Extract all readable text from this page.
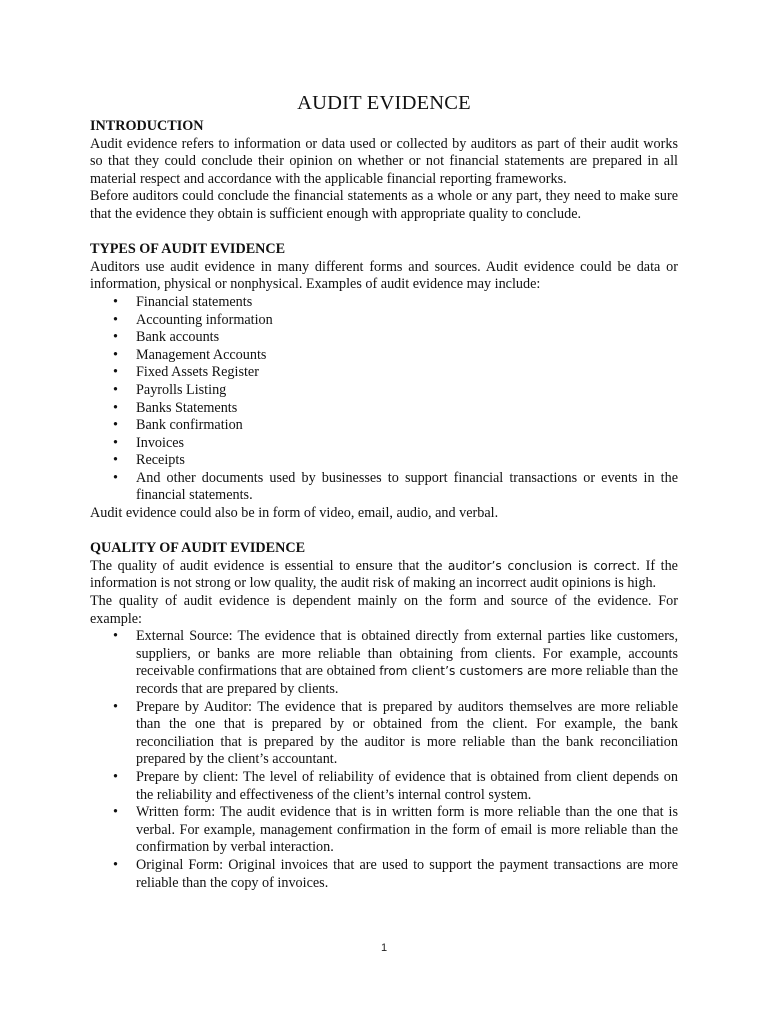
AUDIT EVIDENCE
INTRODUCTION

Audit evidence refers to information or data used or collected by auditors as part of their audit works so that they could conclude their opinion on whether or not financial statements are prepared in all material respect and accordance with the applicable financial reporting frameworks.

Before auditors could conclude the financial statements as a whole or any part, they need to make sure that the evidence they obtain is sufficient enough with appropriate quality to conclude.

TYPES OF AUDIT EVIDENCE

Auditors use audit evidence in many different forms and sources. Audit evidence could be data or information, physical or nonphysical. Examples of audit evidence may include:

• Financial statements
• Accounting information
• Bank accounts
• Management Accounts
• Fixed Assets Register
• Payrolls Listing
• Banks Statements
• Bank confirmation
• Invoices
• Receipts
• And other documents used by businesses to support financial transactions or events in the financial statements.

Audit evidence could also be in form of video, email, audio, and verbal.

QUALITY OF AUDIT EVIDENCE

The quality of audit evidence is essential to ensure that the auditor’s conclusion is correct. If the information is not strong or low quality, the audit risk of making an incorrect audit opinions is high.

The quality of audit evidence is dependent mainly on the form and source of the evidence. For example:

• External Source: The evidence that is obtained directly from external parties like customers, suppliers, or banks are more reliable than obtaining from clients. For example, accounts receivable confirmations that are obtained from client’s customers are more reliable than the records that are prepared by clients.
• Prepare by Auditor: The evidence that is prepared by auditors themselves are more reliable than the one that is prepared by or obtained from the client. For example, the bank reconciliation that is prepared by the auditor is more reliable than the bank reconciliation prepared by the client’s accountant.
• Prepare by client: The level of reliability of evidence that is obtained from client depends on the reliability and effectiveness of the client’s internal control system.
• Written form: The audit evidence that is in written form is more reliable than the one that is verbal. For example, management confirmation in the form of email is more reliable than the confirmation by verbal interaction.
• Original Form: Original invoices that are used to support the payment transactions are more reliable than the copy of invoices.
1
